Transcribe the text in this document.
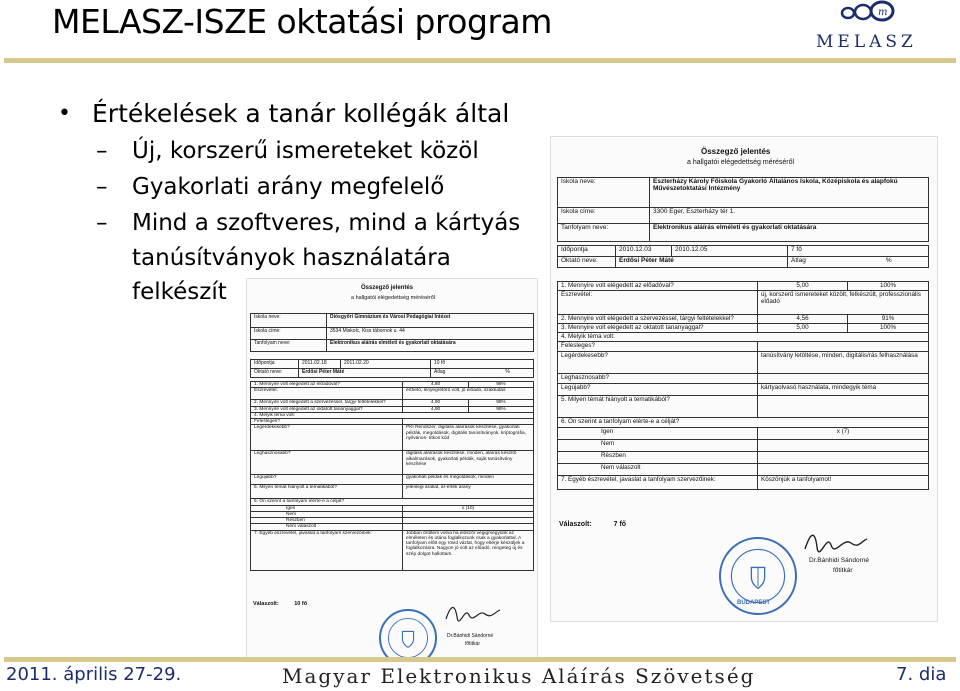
MELASZ-ISZE oktatási program	m
MELASZ
• Értékelések a tanár kollégák által
– Új, korszerű ismereteket közöl
– Gyakorlati arány megfelelő
– Mind a szoftveres, mind a kártyás
tanúsítványok használatára
felkészít
Összegző jelentés
a hallgatói elégedettség méréséről
Iskola neve:	Eszterházy Károly Főiskola Gyakorló Általános Iskola, Középiskola és alapfokú Művészetoktatási Intézmény
Iskola címe:	3300 Eger, Eszterházy tér 1.
Tanfolyam neve:	Elektronikus aláírás elméleti és gyakorlati oktatására
Időpontja	2010.12.03	2010.12.05	7 fő
Oktató neve:	Erdősi Péter Máté		Átlag %
1. Mennyire volt elégedett az előadóval?	5,00	100%
Észrevétel:	új, korszerű ismereteket közölt, felkészült, professzionális előadó	
2. Mennyire volt elégedett a szervezéssel, tárgyi feltételekkel?	4,56	91%
3. Mennyire volt elégedett az oktatott tananyaggal?	5,00	100%
4. Melyik téma volt:		
Felesleges?		
Legérdekesebb?	tanúsítvány letöltése, minden, digitális/rás felhasználása	
Leghasznosabb?		
Legújabb?	kártyaolvasó használata, mindegyik téma	
5. Milyen témát hiányolt a tematikából?		
6. Ön szerint a tanfolyam elérte-e a célját?		
Igen	x (7)	
Nem		
Részben		
Nem válaszolt		
7. Egyéb észrevétel, javaslat a tanfolyam szervezőinek:	Köszönjük a tanfolyamot!	
Válaszolt:	7 fő
Dr.Bánhidi Sándorné
főtitkár
BUDAPEST
Összegző jelentés
a hallgatói elégedettség méréséről
Iskola neve:	Diósgyőri Gimnázium és Városi Pedagógiai Intézet
Iskola címe:	3534 Miskolc, Kiss tábornok u. 44
Tanfolyam neve:	Elektronikus aláírás elméleti és gyakorlati oktatására
Időpontja	2011.02.18	2011.02.20	10 fő
Oktató neve:	Erdősi Péter Máté		Átlag %
1. Mennyire volt elégedett az előadóval?	4,80	96%
Észrevétel:	érthető, lényegretörő volt, jó előadó, szaktudás	
2. Mennyire volt elégedett a szervezéssel, tárgyi feltételekkel?	4,90	98%
3. Mennyire volt elégedett az oktatott tananyaggal?	4,90	98%
4. Melyik téma volt:		
Felesleges?		
Legérdekesebb?	PKI Rendszer, digitális aláírások készítése, gyakorlati példák, megoldások, digitális tanúsítványok, kriptográfia, nyilvános- titkos kód	
Leghasznosabb?	digitális aláírások készítése, minden, aláírás készítő alkalmazások, gyakorlati példák, saját tanúsítvány készítése	
Legújabb?	gyakorlati példák és megoldások, minden	
5. Milyen témát hiányolt a tematikából?	jelenlegi árakat, ár-érték arány	
6. Ön szerint a tanfolyam elérte-e a célját?		
Igen	x (10)	
Nem		
Részben		
Nem válaszolt		
7. Egyéb észrevétel, javaslat a tanfolyam szervezőinek:	Jobban örültem volna ha először végigmegyünk az elméleten és utána foglalkozunk csak a gyakorlattal. A tanfolyam előtt egy rövid vázlat, hogy eltérje készüljek a foglalkozásra. Nagyon jó volt az előadó, rengeteg új és szép dolgot hallottam.	
Válaszolt:	10 fő
Dr.Bánhidi Sándorné
főtitkár
2011. április 27-29.	Magyar Elektronikus Aláírás Szövetség	7. dia
